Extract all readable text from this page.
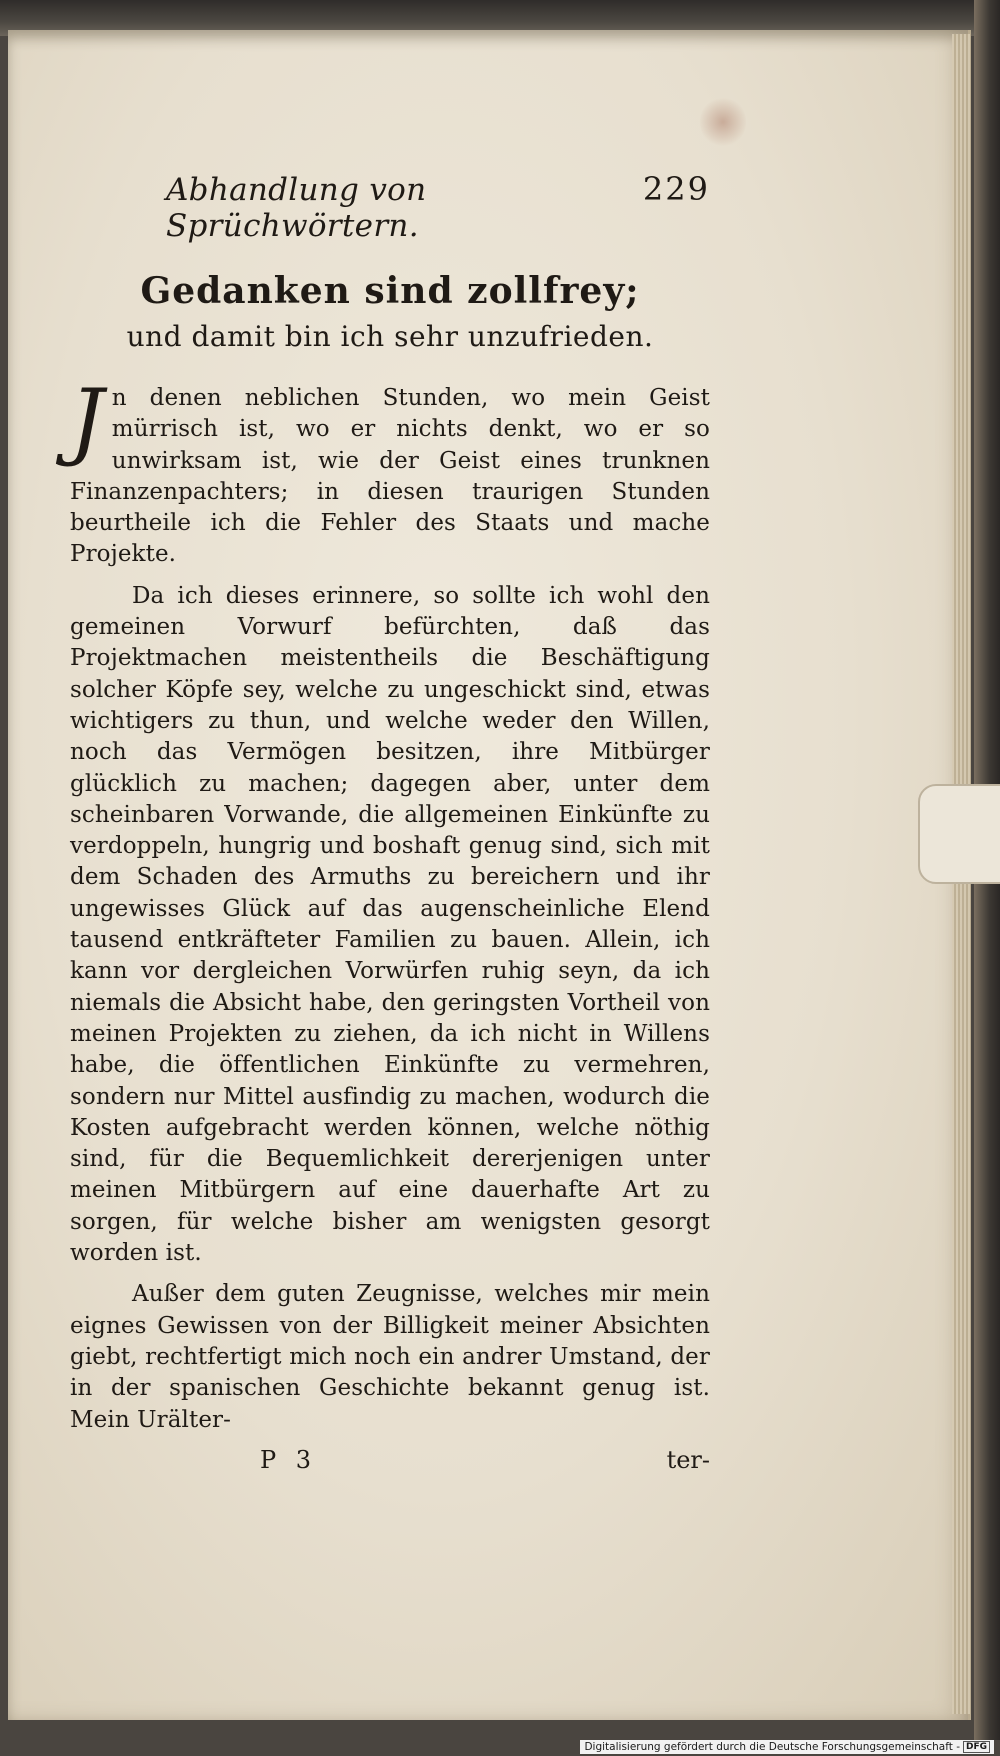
Abhandlung von Sprüchwörtern.
229
Gedanken sind zollfrey;
und damit bin ich sehr unzufrieden.

Jn denen neblichen Stunden, wo mein Geist mürrisch ist, wo er nichts denkt, wo er so unwirksam ist, wie der Geist eines trunknen Finanzenpachters; in diesen traurigen Stunden beurtheile ich die Fehler des Staats und mache Projekte.

Da ich dieses erinnere, so sollte ich wohl den gemeinen Vorwurf befürchten, daß das Projektmachen meistentheils die Beschäftigung solcher Köpfe sey, welche zu ungeschickt sind, etwas wichtigers zu thun, und welche weder den Willen, noch das Vermögen besitzen, ihre Mitbürger glücklich zu machen; dagegen aber, unter dem scheinbaren Vorwande, die allgemeinen Einkünfte zu verdoppeln, hungrig und boshaft genug sind, sich mit dem Schaden des Armuths zu bereichern und ihr ungewisses Glück auf das augenscheinliche Elend tausend entkräfteter Familien zu bauen. Allein, ich kann vor dergleichen Vorwürfen ruhig seyn, da ich niemals die Absicht habe, den geringsten Vortheil von meinen Projekten zu ziehen, da ich nicht in Willens habe, die öffentlichen Einkünfte zu vermehren, sondern nur Mittel ausfindig zu machen, wodurch die Kosten aufgebracht werden können, welche nöthig sind, für die Bequemlichkeit dererjenigen unter meinen Mitbürgern auf eine dauerhafte Art zu sorgen, für welche bisher am wenigsten gesorgt worden ist.

Außer dem guten Zeugnisse, welches mir mein eignes Gewissen von der Billigkeit meiner Absichten giebt, rechtfertigt mich noch ein andrer Umstand, der in der spanischen Geschichte bekannt genug ist. Mein Urälter-

P 3	ter-
Digitalisierung gefördert durch die Deutsche Forschungsgemeinschaft - DFG
